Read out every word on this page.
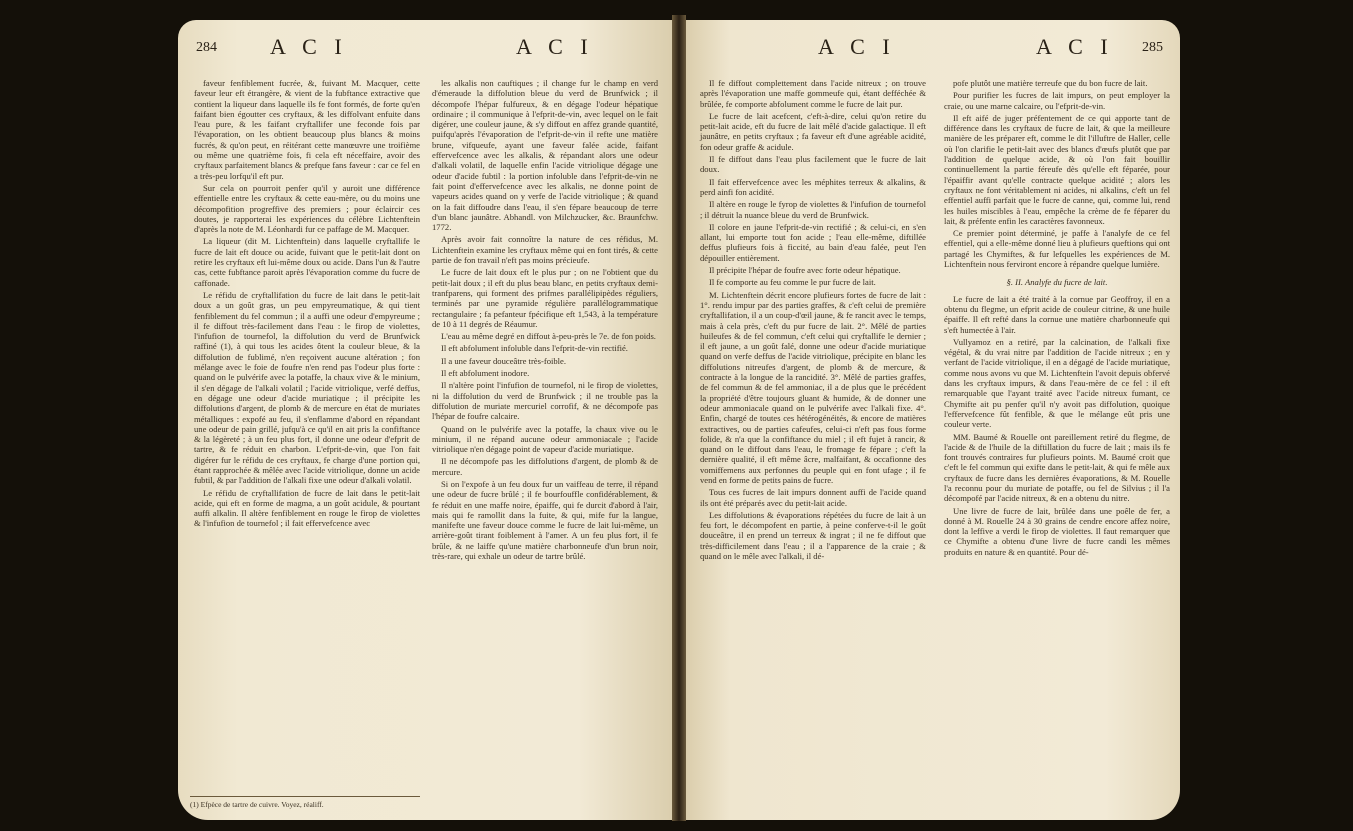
284 A C I	A C I	A C I	A C I 285

faveur fenfiblement fucrée, &, fuivant M. Macquer, cette faveur leur eft étrangère, & vient de la fubftance extractive que contient la liqueur dans laquelle ils fe font formés, de forte qu'en faifant bien égoutter ces cryftaux, & les diffolvant enfuite dans l'eau pure, & les faifant cryftallifer une feconde fois par l'évaporation, on les obtient beaucoup plus blancs & moins fucrés, & qu'on peut, en réitérant cette manœuvre une troifième ou même une quatrième fois, fi cela eft néceffaire, avoir des cryftaux parfaitement blancs & prefque fans faveur : car ce fel en a très-peu lorfqu'il eft pur.

Sur cela on pourroit penfer qu'il y auroit une différence effentielle entre les cryftaux & cette eau-mère, ou du moins une décompofition progreffive des premiers ; pour éclaircir ces doutes, je rapporterai les expériences du célèbre Lichtenftein d'après la note de M. Léonhardi fur ce paffage de M. Macquer.

La liqueur (dit M. Lichtenftein) dans laquelle cryftallife le fucre de lait eft douce ou acide, fuivant que le petit-lait dont on retire les cryftaux eft lui-même doux ou acide. Dans l'un & l'autre cas, cette fubftance paroit après l'évaporation comme du fucre de caffonade.

Le réfidu de cryftallifation du fucre de lait dans le petit-lait doux a un goût gras, un peu empyreumatique, & qui tient fenfiblement du fel commun ; il a auffi une odeur d'empyreume ; il fe diffout très-facilement dans l'eau : le firop de violettes, l'infufion de tournefol, la diffolution du verd de Brunfwick raffiné (1), à qui tous les acides ôtent la couleur bleue, & la diffolution de fublimé, n'en reçoivent aucune altération ; fon mélange avec le foie de foufre n'en rend pas l'odeur plus forte : quand on le pulvérife avec la potaffe, la chaux vive & le minium, il s'en dégage de l'alkali volatil ; l'acide vitriolique, verfé deffus, en dégage une odeur d'acide muriatique ; il précipite les diffolutions d'argent, de plomb & de mercure en état de muriates métalliques : expofé au feu, il s'enflamme d'abord en répandant une odeur de pain grillé, jufqu'à ce qu'il en ait pris la confiftance & la légèreté ; à un feu plus fort, il donne une odeur d'efprit de tartre, & fe réduit en charbon. L'efprit-de-vin, que l'on fait digérer fur le réfidu de ces cryftaux, fe charge d'une portion qui, étant rapprochée & mêlée avec l'acide vitriolique, donne un acide fubtil, & par l'addition de l'alkali fixe une odeur d'alkali volatil.

Le réfidu de cryftallifation de fucre de lait dans le petit-lait acide, qui eft en forme de magma, a un goût acidule, & pourtant auffi alkalin. Il altère fenfiblement en rouge le firop de violettes & l'infufion de tournefol ; il fait effervefcence avec

les alkalis non cauftiques ; il change fur le champ en verd d'émeraude la diffolution bleue du verd de Brunfwick ; il décompofe l'hépar fulfureux, & en dégage l'odeur hépatique ordinaire ; il communique à l'efprit-de-vin, avec lequel on le fait digérer, une couleur jaune, & s'y diffout en affez grande quantité, puifqu'après l'évaporation de l'efprit-de-vin il refte une matière brune, vifqueufe, ayant une faveur falée acide, faifant effervefcence avec les alkalis, & répandant alors une odeur d'alkali volatil, de laquelle enfin l'acide vitriolique dégage une odeur d'acide fubtil : la portion infoluble dans l'efprit-de-vin ne fait point d'effervefcence avec les alkalis, ne donne point de vapeurs acides quand on y verfe de l'acide vitriolique ; & quand on la fait diffoudre dans l'eau, il s'en fépare beaucoup de terre d'un blanc jaunâtre. Abhandl. von Milchzucker, &c. Braunfchw. 1772.

Après avoir fait connoître la nature de ces réfidus, M. Lichtenftein examine les cryftaux même qui en font tirés, & cette partie de fon travail n'eft pas moins précieufe.

Le fucre de lait doux eft le plus pur ; on ne l'obtient que du petit-lait doux ; il eft du plus beau blanc, en petits cryftaux demi-tranfparens, qui forment des prifmes parallélipipèdes réguliers, terminés par une pyramide régulière parallélogrammatique rectangulaire ; fa pefanteur fpécifique eft 1,543, à la température de 10 à 11 degrés de Réaumur.

L'eau au même degré en diffout à-peu-près le 7e. de fon poids.

Il eft abfolument infoluble dans l'efprit-de-vin rectifié.

Il a une faveur douceâtre très-foible.

Il eft abfolument inodore.

Il n'altère point l'infufion de tournefol, ni le firop de violettes, ni la diffolution du verd de Brunfwick ; il ne trouble pas la diffolution de muriate mercuriel corrofif, & ne décompofe pas l'hépar de foufre calcaire.

Quand on le pulvérife avec la potaffe, la chaux vive ou le minium, il ne répand aucune odeur ammoniacale ; l'acide vitriolique n'en dégage point de vapeur d'acide muriatique.

Il ne décompofe pas les diffolutions d'argent, de plomb & de mercure.

Si on l'expofe à un feu doux fur un vaiffeau de terre, il répand une odeur de fucre brûlé ; il fe bourfouffle confidérablement, & fe réduit en une maffe noire, épaiffe, qui fe durcit d'abord à l'air, mais qui fe ramollit dans la fuite, & qui, mife fur la langue, manifefte une faveur douce comme le fucre de lait lui-même, un arrière-goût tirant foiblement à l'amer. A un feu plus fort, il fe brûle, & ne laiffe qu'une matière charbonneufe d'un brun noir, très-rare, qui exhale un odeur de tartre brûlé.

Il fe diffout complettement dans l'acide nitreux ; on trouve après l'évaporation une maffe gommeufe qui, étant defféchée & brûlée, fe comporte abfolument comme le fucre de lait pur.

Le fucre de lait acefcent, c'eft-à-dire, celui qu'on retire du petit-lait acide, eft du fucre de lait mêlé d'acide galactique. Il eft jaunâtre, en petits cryftaux ; fa faveur eft d'une agréable acidité, fon odeur graffe & acidule.

Il fe diffout dans l'eau plus facilement que le fucre de lait doux.

Il fait effervefcence avec les méphites terreux & alkalins, & perd ainfi fon acidité.

Il altère en rouge le fyrop de violettes & l'infufion de tournefol ; il détruit la nuance bleue du verd de Brunfwick.

Il colore en jaune l'efprit-de-vin rectifié ; & celui-ci, en s'en allant, lui emporte tout fon acide ; l'eau elle-même, diftillée deffus plufieurs fois à ficcité, au bain d'eau falée, peut l'en dépouiller entièrement.

Il précipite l'hépar de foufre avec forte odeur hépatique.

Il fe comporte au feu comme le pur fucre de lait.

M. Lichtenftein décrit encore plufieurs fortes de fucre de lait : 1°. rendu impur par des parties graffes, & c'eft celui de première cryftallifation, il a un coup-d'œil jaune, & fe rancit avec le temps, mais à cela près, c'eft du pur fucre de lait. 2°. Mêlé de parties huileufes & de fel commun, c'eft celui qui cryftallife le dernier ; il eft jaune, a un goût falé, donne une odeur d'acide muriatique quand on verfe deffus de l'acide vitriolique, précipite en blanc les diffolutions nitreufes d'argent, de plomb & de mercure, & contracte à la longue de la rancidité. 3°. Mêlé de parties graffes, de fel commun & de fel ammoniac, il a de plus que le précédent la propriété d'être toujours gluant & humide, & de donner une odeur ammoniacale quand on le pulvérife avec l'alkali fixe. 4°. Enfin, chargé de toutes ces hétérogénéités, & encore de matières extractives, ou de parties cafeufes, celui-ci n'eft pas fous forme folide, & n'a que la confiftance du miel ; il eft fujet à rancir, & quand on le diffout dans l'eau, le fromage fe fépare ; c'eft la dernière qualité, il eft même âcre, malfaifant, & occafionne des vomiffemens aux perfonnes du peuple qui en font ufage ; il fe vend en forme de petits pains de fucre.

Tous ces fucres de lait impurs donnent auffi de l'acide quand ils ont été préparés avec du petit-lait acide.

Les diffolutions & évaporations répétées du fucre de lait à un feu fort, le décompofent en partie, à peine conferve-t-il le goût douceâtre, il en prend un terreux & ingrat ; il ne fe diffout que très-difficilement dans l'eau ; il a l'apparence de la craie ; & quand on le mêle avec l'alkali, il dé-

pofe plutôt une matière terreufe que du bon fucre de lait.

Pour purifier les fucres de lait impurs, on peut employer la craie, ou une marne calcaire, ou l'efprit-de-vin.

Il eft aifé de juger préfentement de ce qui apporte tant de différence dans les cryftaux de fucre de lait, & que la meilleure manière de les préparer eft, comme le dit l'illuftre de Haller, celle où l'on clarifie le petit-lait avec des blancs d'œufs plutôt que par l'addition de quelque acide, & où l'on fait bouillir continuellement la partie féreufe dès qu'elle eft féparée, pour l'épaiffir avant qu'elle contracte quelque acidité ; alors les cryftaux ne font véritablement ni acides, ni alkalins, c'eft un fel effentiel auffi parfait que le fucre de canne, qui, comme lui, rend les huiles miscibles à l'eau, empêche la crème de fe féparer du lait, & préfente enfin les caractères favonneux.

Ce premier point déterminé, je paffe à l'analyfe de ce fel effentiel, qui a elle-même donné lieu à plufieurs queftions qui ont partagé les Chymiftes, & fur lefquelles les expériences de M. Lichtenftein nous ferviront encore à répandre quelque lumière.

§. II. Analyfe du fucre de lait.

Le fucre de lait a été traité à la cornue par Geoffroy, il en a obtenu du flegme, un efprit acide de couleur citrine, & une huile épaiffe. Il eft refté dans la cornue une matière charbonneufe qui s'eft humectée à l'air.

Vullyamoz en a retiré, par la calcination, de l'alkali fixe végétal, & du vrai nitre par l'addition de l'acide nitreux ; en y verfant de l'acide vitriolique, il en a dégagé de l'acide muriatique, comme nous avons vu que M. Lichtenftein l'avoit depuis obfervé dans les cryftaux impurs, & dans l'eau-mère de ce fel : il eft remarquable que l'ayant traité avec l'acide nitreux fumant, ce Chymifte ait pu penfer qu'il n'y avoit pas diffolution, quoique l'effervefcence fût fenfible, & que le mélange eût pris une couleur verte.

MM. Baumé & Rouelle ont pareillement retiré du flegme, de l'acide & de l'huile de la diftillation du fucre de lait ; mais ils fe font trouvés contraires fur plufieurs points. M. Baumé croit que c'eft le fel commun qui exifte dans le petit-lait, & qui fe mêle aux cryftaux de fucre dans les dernières évaporations, & M. Rouelle l'a reconnu pour du muriate de potaffe, ou fel de Silvius ; il l'a décompofé par l'acide nitreux, & en a obtenu du nitre.

Une livre de fucre de lait, brûlée dans une poêle de fer, a donné à M. Rouelle 24 à 30 grains de cendre encore affez noire, dont la leffive a verdi le firop de violettes. Il faut remarquer que ce Chymifte a obtenu d'une livre de fucre candi les mêmes produits en nature & en quantité. Pour dé-

(1) Efpèce de tartre de cuivre. Voyez, réaliff.
